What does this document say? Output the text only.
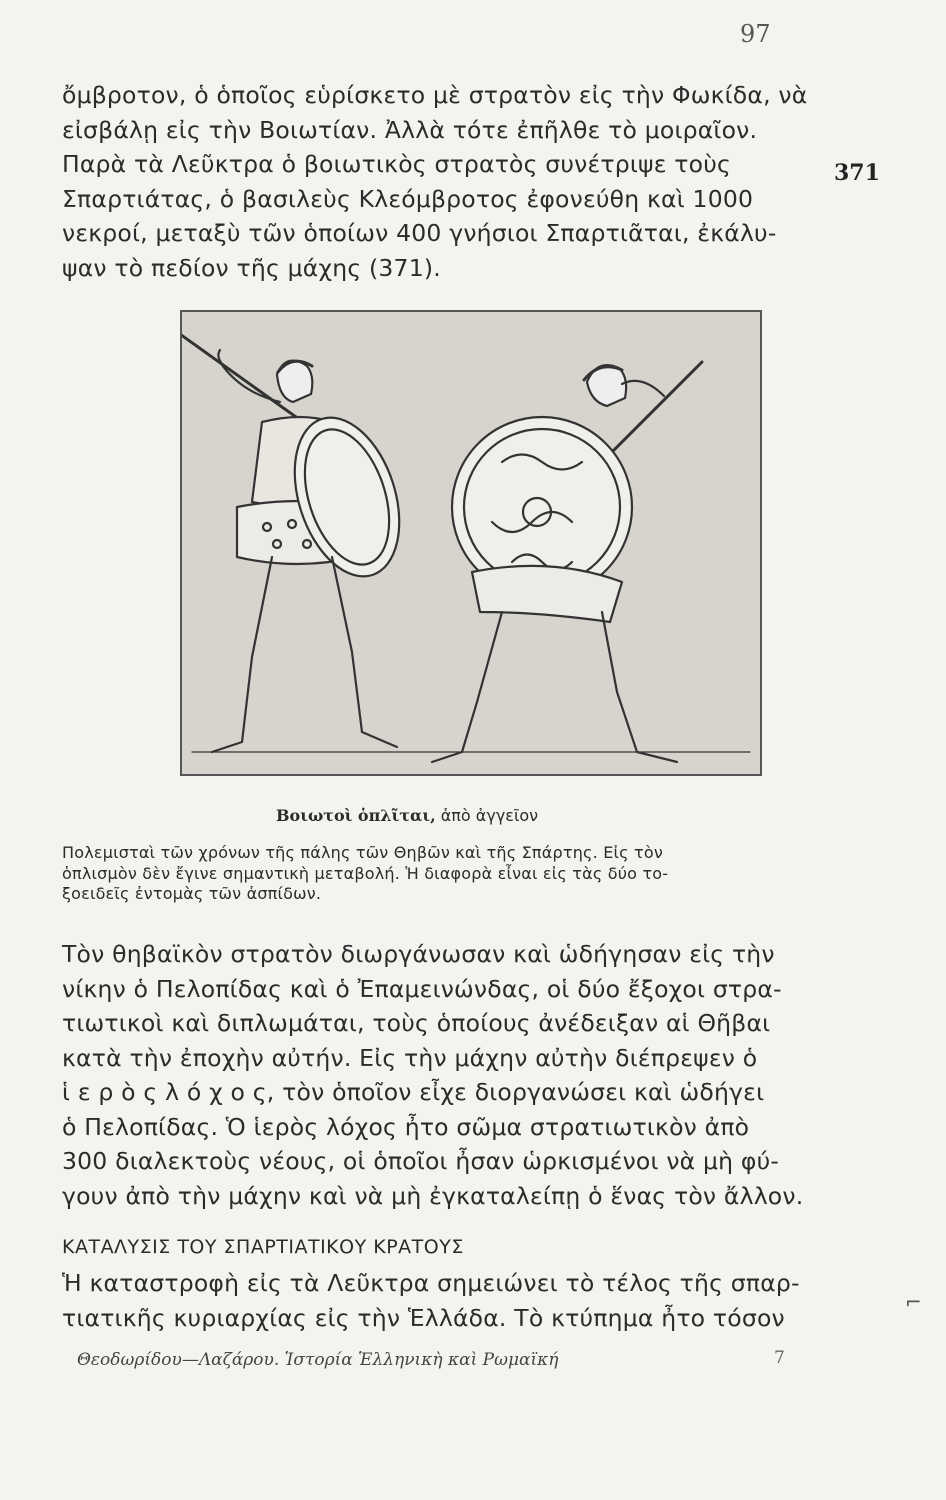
97
371
ὄμβροτον, ὁ ὁποῖος εὑρίσκετο μὲ στρατὸν εἰς τὴν Φωκίδα, νὰ
εἰσβάλῃ εἰς τὴν Βοιωτίαν. Ἀλλὰ τότε ἐπῆλθε τὸ μοιραῖον.
Παρὰ τὰ Λεῦκτρα ὁ βοιωτικὸς στρατὸς συνέτριψε τοὺς
Σπαρτιάτας, ὁ βασιλεὺς Κλεόμβροτος ἐφονεύθη καὶ 1000
νεκροί, μεταξὺ τῶν ὁποίων 400 γνήσιοι Σπαρτιᾶται, ἐκάλυ-
ψαν τὸ πεδίον τῆς μάχης (371).
Βοιωτοὶ ὁπλῖται, ἀπὸ ἀγγεῖον
Πολεμισταὶ τῶν χρόνων τῆς πάλης τῶν Θηβῶν καὶ τῆς Σπάρτης. Εἰς τὸν
ὁπλισμὸν δὲν ἔγινε σημαντικὴ μεταβολή. Ἡ διαφορὰ εἶναι εἰς τὰς δύο το-
ξοειδεῖς ἐντομὰς τῶν ἀσπίδων.
Τὸν θηβαϊκὸν στρατὸν διωργάνωσαν καὶ ὡδήγησαν εἰς τὴν
νίκην ὁ Πελοπίδας καὶ ὁ Ἐπαμεινώνδας, οἱ δύο ἔξοχοι στρα-
τιωτικοὶ καὶ διπλωμάται, τοὺς ὁποίους ἀνέδειξαν αἱ Θῆβαι
κατὰ τὴν ἐποχὴν αὐτήν. Εἰς τὴν μάχην αὐτὴν διέπρεψεν ὁ
ἱ ε ρ ὸ ς λ ό χ ο ς, τὸν ὁποῖον εἶχε διοργανώσει καὶ ὡδήγει
ὁ Πελοπίδας. Ὁ ἱερὸς λόχος ἦτο σῶμα στρατιωτικὸν ἀπὸ
300 διαλεκτοὺς νέους, οἱ ὁποῖοι ἦσαν ὡρκισμένοι νὰ μὴ φύ-
γουν ἀπὸ τὴν μάχην καὶ νὰ μὴ ἐγκαταλείπῃ ὁ ἕνας τὸν ἄλλον.
ΚΑΤΑΛΥΣΙΣ ΤΟΥ ΣΠΑΡΤΙΑΤΙΚΟΥ ΚΡΑΤΟΥΣ
Ἡ καταστροφὴ εἰς τὰ Λεῦκτρα σημειώνει τὸ τέλος τῆς σπαρ-
τιατικῆς κυριαρχίας εἰς τὴν Ἑλλάδα. Τὸ κτύπημα ἦτο τόσον
Θεοδωρίδου—Λαζάρου. Ἱστορία Ἑλληνικὴ καὶ Ρωμαϊκή	7
⌐
